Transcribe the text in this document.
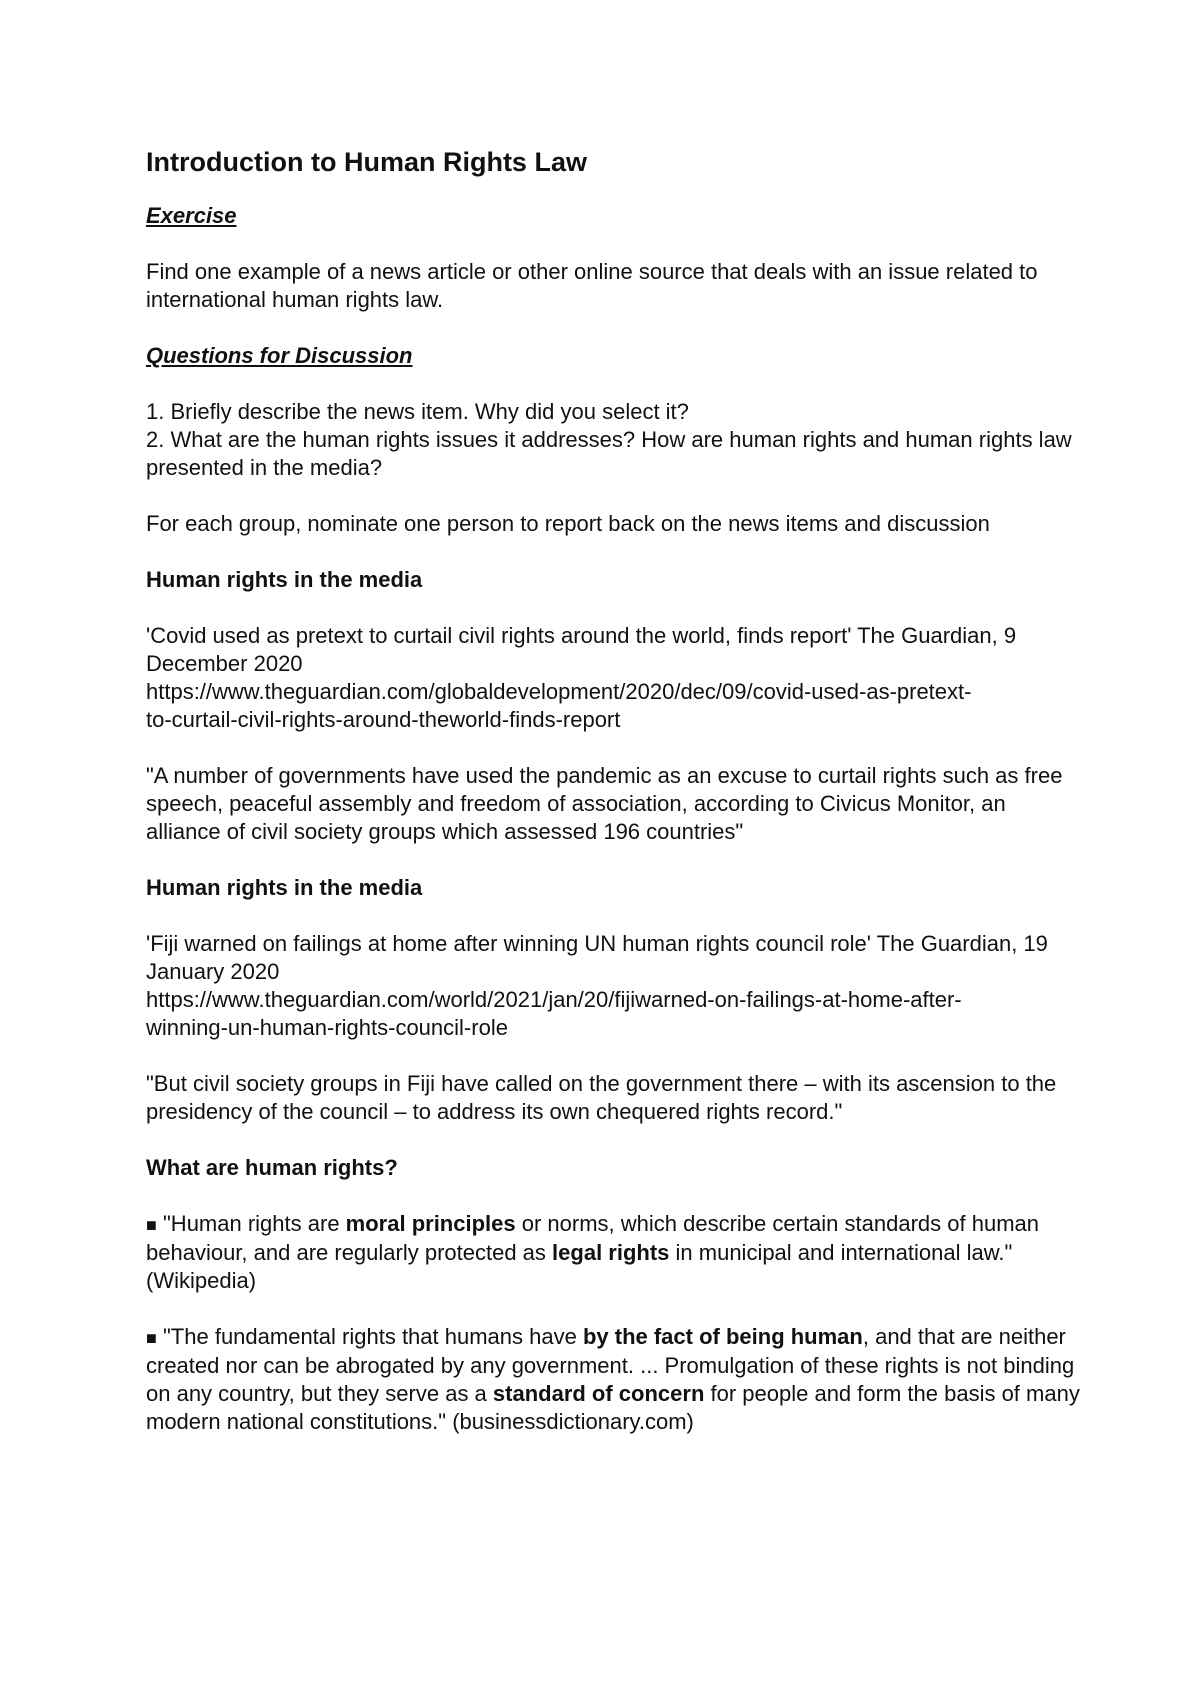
Introduction to Human Rights Law
Exercise
Find one example of a news article or other online source that deals with an issue related to international human rights law.
Questions for Discussion
1. Briefly describe the news item. Why did you select it?
2. What are the human rights issues it addresses? How are human rights and human rights law presented in the media?
For each group, nominate one person to report back on the news items and discussion
Human rights in the media
'Covid used as pretext to curtail civil rights around the world, finds report' The Guardian, 9 December 2020
https://www.theguardian.com/globaldevelopment/2020/dec/09/covid-used-as-pretext-
to-curtail-civil-rights-around-theworld-finds-report
"A number of governments have used the pandemic as an excuse to curtail rights such as free speech, peaceful assembly and freedom of association, according to Civicus Monitor, an alliance of civil society groups which assessed 196 countries"
Human rights in the media
'Fiji warned on failings at home after winning UN human rights council role' The Guardian, 19 January 2020
https://www.theguardian.com/world/2021/jan/20/fijiwarned-on-failings-at-home-after-
winning-un-human-rights-council-role
"But civil society groups in Fiji have called on the government there – with its ascension to the presidency of the council – to address its own chequered rights record."
What are human rights?
■ "Human rights are moral principles or norms, which describe certain standards of human behaviour, and are regularly protected as legal rights in municipal and international law." (Wikipedia)
■ "The fundamental rights that humans have by the fact of being human, and that are neither created nor can be abrogated by any government. ... Promulgation of these rights is not binding on any country, but they serve as a standard of concern for people and form the basis of many modern national constitutions." (businessdictionary.com)
